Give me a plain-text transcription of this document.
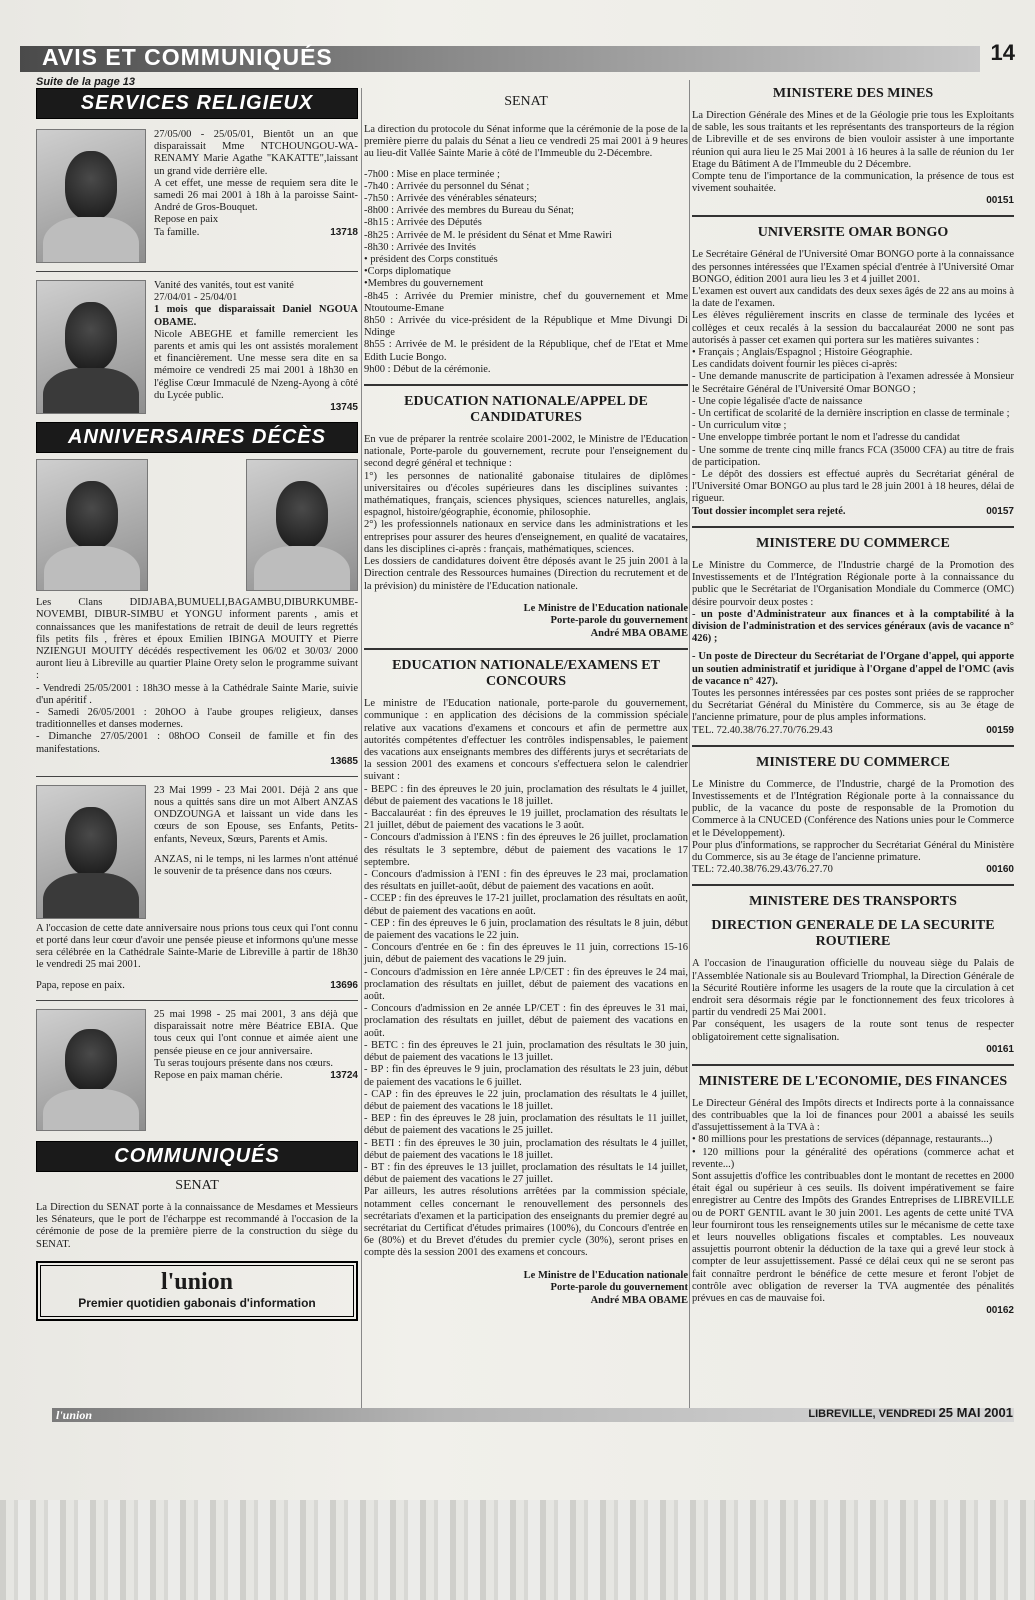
AVIS ET COMMUNIQUÉS	14
Suite de la page 13
SERVICES RELIGIEUX

27/05/00 - 25/05/01, Bientôt un an que disparaissait Mme NTCHOUNGOU-WA-RENAMY Marie Agathe "KAKATTE",laissant un grand vide derrière elle.

A cet effet, une messe de requiem sera dite le samedi 26 mai 2001 à 18h à la paroisse Saint-André de Gros-Bouquet.

Repose en paix

Ta famille.	13718

Vanité des vanités, tout est vanité

27/04/01 - 25/04/01

1 mois que disparaissait Daniel NGOUA OBAME.

Nicole ABEGHE et famille remercient les parents et amis qui les ont assistés moralement et financièrement. Une messe sera dite en sa mémoire ce vendredi 25 mai 2001 à 18h30 en l'église Cœur Immaculé de Nzeng-Ayong à côté du Lycée public.

13745

ANNIVERSAIRES DÉCÈS

Les Clans DIDJABA,BUMUELI,BAGAMBU,DIBURKUMBE-NOVEMBI, DIBUR-SIMBU et YONGU informent parents , amis et connaissances que les manifestations de retrait de deuil de leurs regrettés fils petits fils , frères et époux Emilien IBINGA MOUITY et Pierre NZIENGUI MOUITY décédés respectivement les 06/02 et 30/03/ 2000 auront lieu à Libreville au quartier Plaine Orety selon le programme suivant :

- Vendredi 25/05/2001 : 18h3O messe à la Cathédrale Sainte Marie, suivie d'un apéritif .

- Samedi 26/05/2001 : 20hOO à l'aube groupes religieux, danses traditionnelles et danses modernes.

- Dimanche 27/05/2001 : 08hOO Conseil de famille et fin des manifestations.

13685

23 Mai 1999 - 23 Mai 2001. Déjà 2 ans que nous a quittés sans dire un mot Albert ANZAS ONDZOUNGA et laissant un vide dans les cœurs de son Epouse, ses Enfants, Petits-enfants, Neveux, Sœurs, Parents et Amis.

ANZAS, ni le temps, ni les larmes n'ont atténué le souvenir de ta présence dans nos cœurs.

A l'occasion de cette date anniversaire nous prions tous ceux qui l'ont connu et porté dans leur cœur d'avoir une pensée pieuse et informons qu'une messe sera célébrée en la Cathédrale Sainte-Marie de Libreville à partir de 18h30 le vendredi 25 mai 2001.

Papa, repose en paix.	13696

25 mai 1998 - 25 mai 2001, 3 ans déjà que disparaissait notre mère Béatrice EBIA. Que tous ceux qui l'ont connue et aimée aient une pensée pieuse en ce jour anniversaire.

Tu seras toujours présente dans nos cœurs.

Repose en paix maman chérie.	13724

COMMUNIQUÉS
SENAT

La Direction du SENAT porte à la connaissance de Mesdames et Messieurs les Sénateurs, que le port de l'écharppe est recommandé à l'occasion de la cérémonie de pose de la première pierre de la construction du siège du SENAT.

l'union
Premier quotidien gabonais d'information
SENAT

La direction du protocole du Sénat informe que la cérémonie de la pose de la première pierre du palais du Sénat a lieu ce vendredi 25 mai 2001 à 9 heures au lieu-dit Vallée Sainte Marie à côté de l'Immeuble du 2-Décembre.

-7h00 : Mise en place terminée ;

-7h40 : Arrivée du personnel du Sénat ;

-7h50 : Arrivée des vénérables sénateurs;

-8h00 : Arrivée des membres du Bureau du Sénat;

-8h15 : Arrivée des Députés

-8h25 : Arrivée de M. le président du Sénat et Mme Rawiri

-8h30 : Arrivée des Invités

• président des Corps constitués

•Corps diplomatique

•Membres du gouvernement

-8h45 : Arrivée du Premier ministre, chef du gouvernement et Mme Ntoutoume-Emane

8h50 : Arrivée du vice-président de la République et Mme Divungi Di Ndinge

8h55 : Arrivée de M. le président de la République, chef de l'Etat et Mme Edith Lucie Bongo.

9h00 : Début de la cérémonie.

EDUCATION NATIONALE/APPEL DE CANDIDATURES

En vue de préparer la rentrée scolaire 2001-2002, le Ministre de l'Education nationale, Porte-parole du gouvernement, recrute pour l'enseignement du second degré général et technique :

1°) les personnes de nationalité gabonaise titulaires de diplômes universitaires ou d'écoles supérieures dans les disciplines suivantes : mathématiques, français, sciences physiques, sciences naturelles, anglais, espagnol, histoire/géographie, économie, philosophie.

2°) les professionnels nationaux en service dans les administrations et les entreprises pour assurer des heures d'enseignement, en qualité de vacataires, dans les disciplines ci-après : français, mathématiques, sciences.

Les dossiers de candidatures doivent être déposés avant le 25 juin 2001 à la Direction centrale des Ressources humaines (Direction du recrutement et de la prévision) du ministère de l'Education nationale.

Le Ministre de l'Education nationale
Porte-parole du gouvernement
André MBA OBAME
EDUCATION NATIONALE/EXAMENS ET CONCOURS

Le ministre de l'Education nationale, porte-parole du gouvernement, communique : en application des décisions de la commission spéciale relative aux vacations d'examens et concours et afin de permettre aux autorités compétentes d'effectuer les contrôles indispensables, le paiement des vacations aux enseignants membres des différents jurys et secrétariats de la session 2001 des examens et concours s'effectuera selon le calendrier suivant :

- BEPC : fin des épreuves le 20 juin, proclamation des résultats le 4 juillet, début de paiement des vacations le 18 juillet.

- Baccalauréat : fin des épreuves le 19 juillet, proclamation des résultats le 21 juillet, début de paiement des vacations le 3 août.

- Concours d'admission à l'ENS : fin des épreuves le 26 juillet, proclamation des résultats le 3 septembre, début de paiement des vacations le 17 septembre.

- Concours d'admission à l'ENI : fin des épreuves le 23 mai, proclamation des résultats en juillet-août, début de paiement des vacations en août.

- CCEP : fin des épreuves le 17-21 juillet, proclamation des résultats en août, début de paiement des vacations en août.

- CEP : fin des épreuves le 6 juin, proclamation des résultats le 8 juin, début de paiement des vacations le 22 juin.

- Concours d'entrée en 6e : fin des épreuves le 11 juin, corrections 15-16 juin, début de paiement des vacations le 29 juin.

- Concours d'admission en 1ère année LP/CET : fin des épreuves le 24 mai, proclamation des résultats en juillet, début de paiement des vacations en août.

- Concours d'admission en 2e année LP/CET : fin des épreuves le 31 mai, proclamation des résultats en juillet, début de paiement des vacations en août.

- BETC : fin des épreuves le 21 juin, proclamation des résultats le 30 juin, début de paiement des vacations le 13 juillet.

- BP : fin des épreuves le 9 juin, proclamation des résultats le 23 juin, début de paiement des vacations le 6 juillet.

- CAP : fin des épreuves le 22 juin, proclamation des résultats le 4 juillet, début de paiement des vacations le 18 juillet.

- BEP : fin des épreuves le 28 juin, proclamation des résultats le 11 juillet, début de paiement des vacations le 25 juillet.

- BETI : fin des épreuves le 30 juin, proclamation des résultats le 4 juillet, début de paiement des vacations le 18 juillet.

- BT : fin des épreuves le 13 juillet, proclamation des résultats le 14 juillet, début de paiement des vacations le 27 juillet.

Par ailleurs, les autres résolutions arrêtées par la commission spéciale, notamment celles concernant le renouvellement des personnels des secrétariats d'examen et la participation des enseignants du premier degré au secrétariat du Certificat d'études primaires (100%), du Concours d'entrée en 6e (80%) et du Brevet d'études du premier cycle (30%), seront prises en compte dès la session 2001 des examens et concours.

Le Ministre de l'Education nationale
Porte-parole du gouvernement
André MBA OBAME
MINISTERE DES MINES

La Direction Générale des Mines et de la Géologie prie tous les Exploitants de sable, les sous traitants et les représentants des transporteurs de la région de Libreville et de ses environs de bien vouloir assister à une importante réunion qui aura lieu le 25 Mai 2001 à 16 heures à la salle de réunion du 1er Etage du Bâtiment A de l'Immeuble du 2 Décembre.

Compte tenu de l'importance de la communication, la présence de tous est vivement souhaitée.

00151

UNIVERSITE OMAR BONGO

Le Secrétaire Général de l'Université Omar BONGO porte à la connaissance des personnes intéressées que l'Examen spécial d'entrée à l'Université Omar BONGO, édition 2001 aura lieu les 3 et 4 juillet 2001.

L'examen est ouvert aux candidats des deux sexes âgés de 22 ans au moins à la date de l'examen.

Les élèves régulièrement inscrits en classe de terminale des lycées et collèges et ceux recalés à la session du baccalauréat 2000 ne sont pas autorisés à passer cet examen qui portera sur les matières suivantes :

• Français ; Anglais/Espagnol ; Histoire Géographie.

Les candidats doivent fournir les pièces ci-après:

- Une demande manuscrite de participation à l'examen adressée à Monsieur le Secrétaire Général de l'Université Omar BONGO ;

- Une copie légalisée d'acte de naissance

- Un certificat de scolarité de la dernière inscription en classe de terminale ;

- Un curriculum vitœ ;

- Une enveloppe timbrée portant le nom et l'adresse du candidat

- Une somme de trente cinq mille francs FCA (35000 CFA) au titre de frais de participation.

- Le dépôt des dossiers est effectué auprès du Secrétariat général de l'Université Omar BONGO au plus tard le 28 juin 2001 à 18 heures, délai de rigueur.

Tout dossier incomplet sera rejeté.	00157

MINISTERE DU COMMERCE

Le Ministre du Commerce, de l'Industrie chargé de la Promotion des Investissements et de l'Intégration Régionale porte à la connaissance du public que le Secrétariat de l'Organisation Mondiale du Commerce (OMC) désire pourvoir deux postes :

- un poste d'Administrateur aux finances et à la comptabilité à la division de l'administration et des services généraux (avis de vacance n° 426) ;

- Un poste de Directeur du Secrétariat de l'Organe d'appel, qui apporte un soutien administratif et juridique à l'Organe d'appel de l'OMC (avis de vacance n° 427).

Toutes les personnes intéressées par ces postes sont priées de se rapprocher du Secrétariat Général du Ministère du Commerce, sis au 3e étage de l'ancienne primature, pour de plus amples informations.

TEL. 72.40.38/76.27.70/76.29.43	00159

MINISTERE DU COMMERCE

Le Ministre du Commerce, de l'Industrie, chargé de la Promotion des Investissements et de l'Intégration Régionale porte à la connaissance du public, de la vacance du poste de responsable de la Promotion du Commerce à la CNUCED (Conférence des Nations unies pour le Commerce et le Développement).

Pour plus d'informations, se rapprocher du Secrétariat Général du Ministère du Commerce, sis au 3e étage de l'ancienne primature.

TEL: 72.40.38/76.29.43/76.27.70	00160

MINISTERE DES TRANSPORTS
DIRECTION GENERALE DE LA SECURITE ROUTIERE

A l'occasion de l'inauguration officielle du nouveau siège du Palais de l'Assemblée Nationale sis au Boulevard Triomphal, la Direction Générale de la Sécurité Routière informe les usagers de la route que la circulation à cet endroit sera désormais régie par le fonctionnement des feux tricolores à partir du vendredi 25 Mai 2001.

Par conséquent, les usagers de la route sont tenus de respecter obligatoirement cette signalisation.

00161

MINISTERE DE L'ECONOMIE, DES FINANCES

Le Directeur Général des Impôts directs et Indirects porte à la connaissance des contribuables que la loi de finances pour 2001 a abaissé les seuils d'assujettissement à la TVA à :

• 80 millions pour les prestations de services (dépannage, restaurants...)

• 120 millions pour la généralité des opérations (commerce achat et revente...)

Sont assujettis d'office les contribuables dont le montant de recettes en 2000 était égal ou supérieur à ces seuils. Ils doivent impérativement se faire enregistrer au Centre des Impôts des Grandes Entreprises de LIBREVILLE ou de PORT GENTIL avant le 30 juin 2001. Les agents de cette unité TVA leur fourniront tous les renseignements utiles sur le mécanisme de cette taxe et leurs nouvelles obligations fiscales et comptables. Les nouveaux assujettis pourront obtenir la déduction de la taxe qui a grevé leur stock à compter de leur assujettissement. Passé ce délai ceux qui ne se seront pas fait connaître perdront le bénéfice de cette mesure et feront l'objet de contrôle avec obligation de reverser la TVA augmentée des pénalités prévues en cas de mauvaise foi.

00162

l'union	LIBREVILLE, VENDREDI 25 MAI 2001
